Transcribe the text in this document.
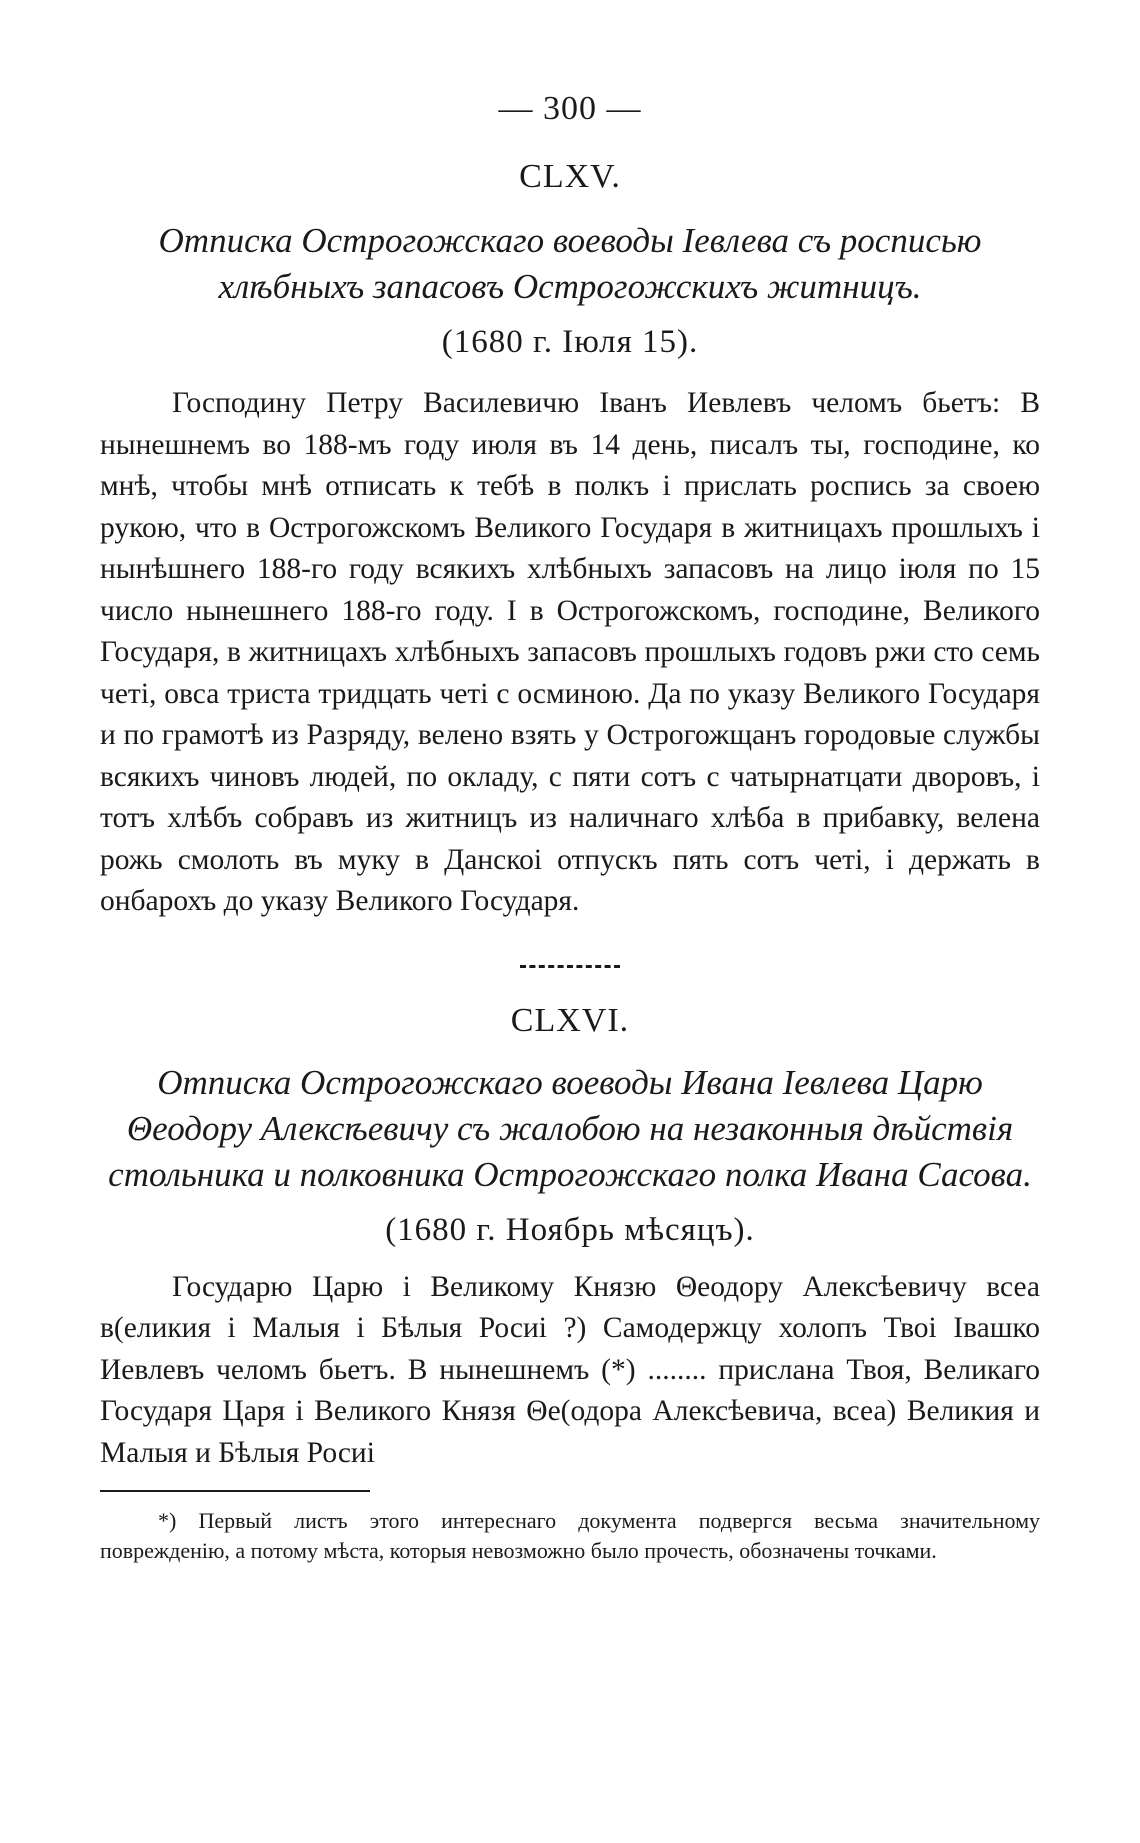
— 300 —
CLXV.
Отписка Острогожскаго воеводы Іевлева съ росписью хлѣбныхъ запасовъ Острогожскихъ житницъ.
(1680 г. Іюля 15).

Господину Петру Василевичю Іванъ Иевлевъ челомъ бьетъ: В нынешнемъ во 188-мъ году июля въ 14 день, писалъ ты, господине, ко мнѣ, чтобы мнѣ отписать к тебѣ в полкъ і прислать роспись за своею рукою, что в Острогожскомъ Великого Государя в житницахъ прошлыхъ і нынѣшнего 188-го году всякихъ хлѣбныхъ запасовъ на лицо іюля по 15 число нынешнего 188-го году. I в Острогожскомъ, господине, Великого Государя, в житницахъ хлѣбныхъ запасовъ прошлыхъ годовъ ржи сто семь четі, овса триста тридцать четі с осминою. Да по указу Великого Государя и по грамотѣ из Разряду, велено взять у Острогожщанъ городовые службы всякихъ чиновъ людей, по окладу, с пяти сотъ с чатырнатцати дворовъ, і тотъ хлѣбъ собравъ из житницъ из наличнаго хлѣба в прибавку, велена рожь смолоть въ муку в Данскоі отпускъ пять сотъ четі, і держать в онбарохъ до указу Великого Государя.

CLXVI.
Отписка Острогожскаго воеводы Ивана Іевлева Царю Θеодору Алексѣевичу съ жалобою на незаконныя дѣйствія стольника и полковника Острогожскаго полка Ивана Сасова.
(1680 г. Ноябрь мѣсяцъ).

Государю Царю і Великому Князю Θеодору Алексѣевичу всеа в(еликия і Малыя і Бѣлыя Росиі ?) Самодержцу холопъ Твоі Івашко Иевлевъ челомъ бьетъ. В нынешнемъ (*) ........ прислана Твоя, Великаго Государя Царя і Великого Князя Θе(одора Алексѣевича, всеа) Великия и Малыя и Бѣлыя Росиі

*) Первый листъ этого интереснаго документа подвергся весьма значительному поврежденію, а потому мѣста, которыя невозможно было прочесть, обозначены точками.
